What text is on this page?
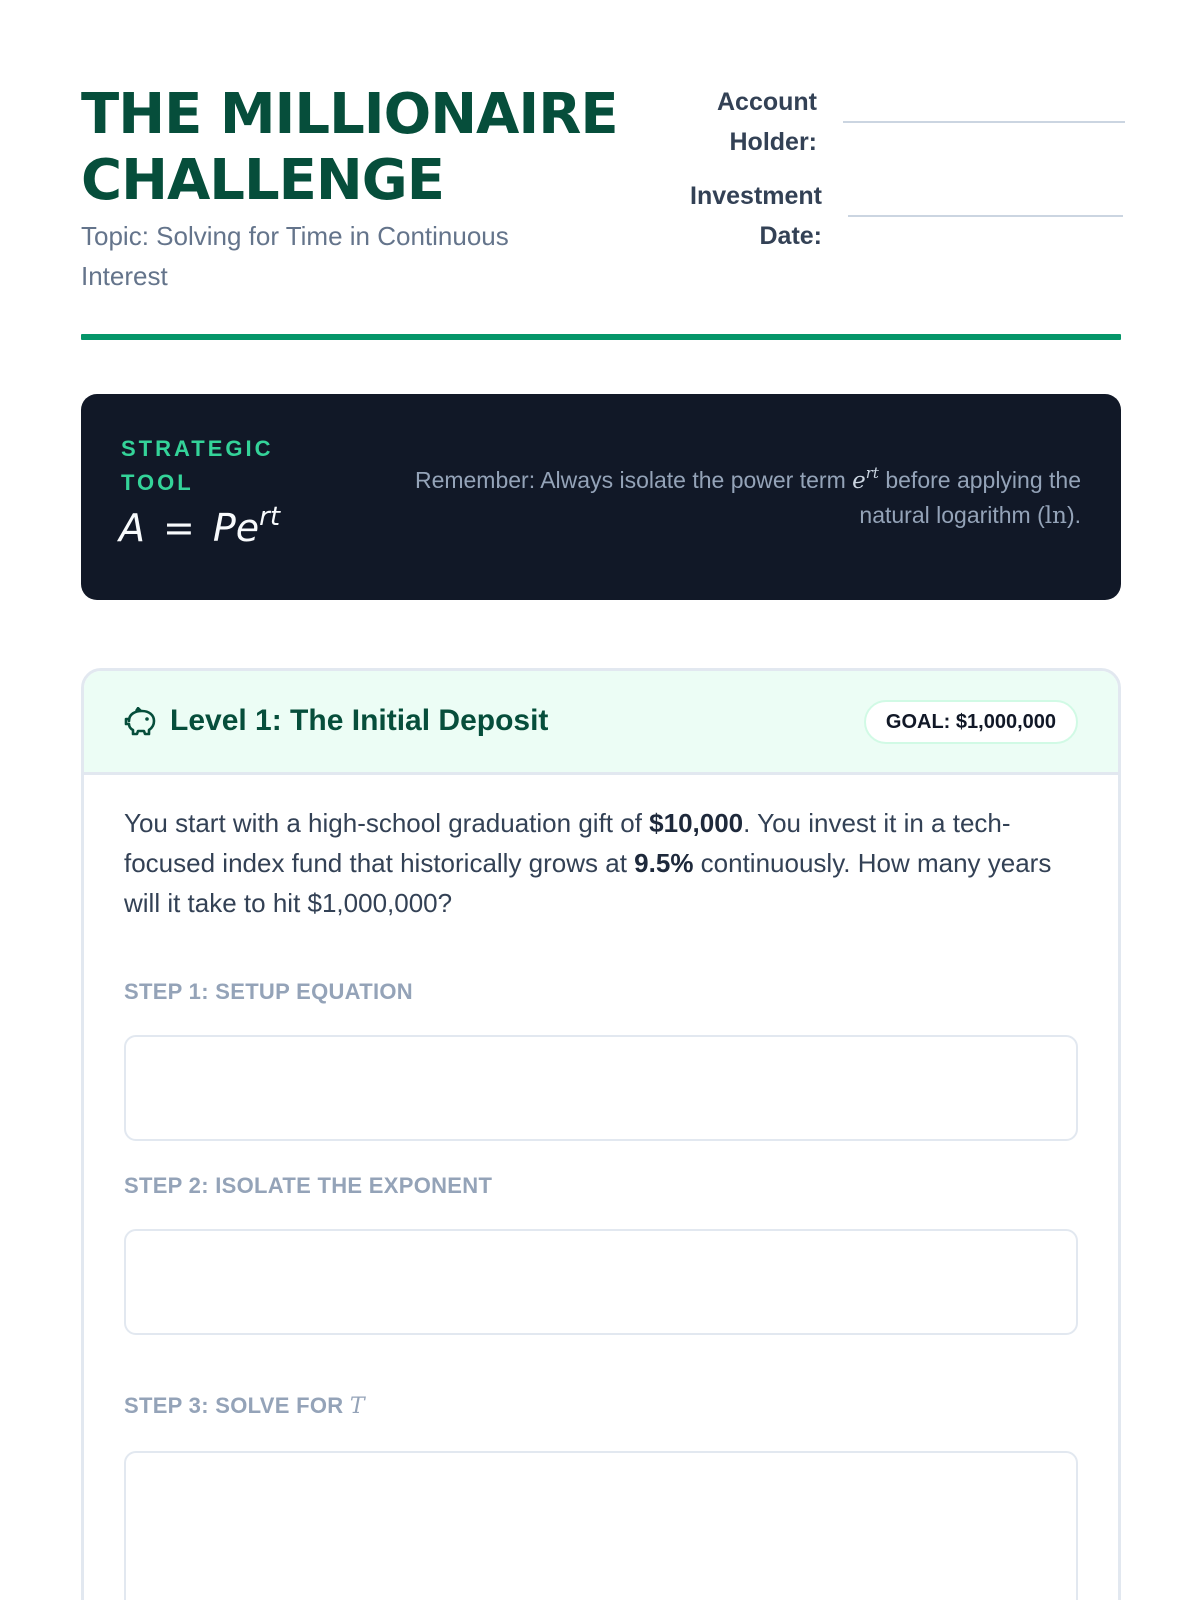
THE MILLIONAIRE CHALLENGE
Topic: Solving for Time in Continuous Interest
Account Holder:
Investment Date:
STRATEGIC TOOL
$A = Pe^{rt}$
Remember: Always isolate the power term $e^{rt}$ before applying the natural logarithm (ln).
Level 1: The Initial Deposit	GOAL: $1,000,000

You start with a high-school graduation gift of $10,000. You invest it in a tech-focused index fund that historically grows at 9.5% continuously. How many years will it take to hit $1,000,000?

STEP 1: SETUP EQUATION
STEP 2: ISOLATE THE EXPONENT
STEP 3: SOLVE FOR T
